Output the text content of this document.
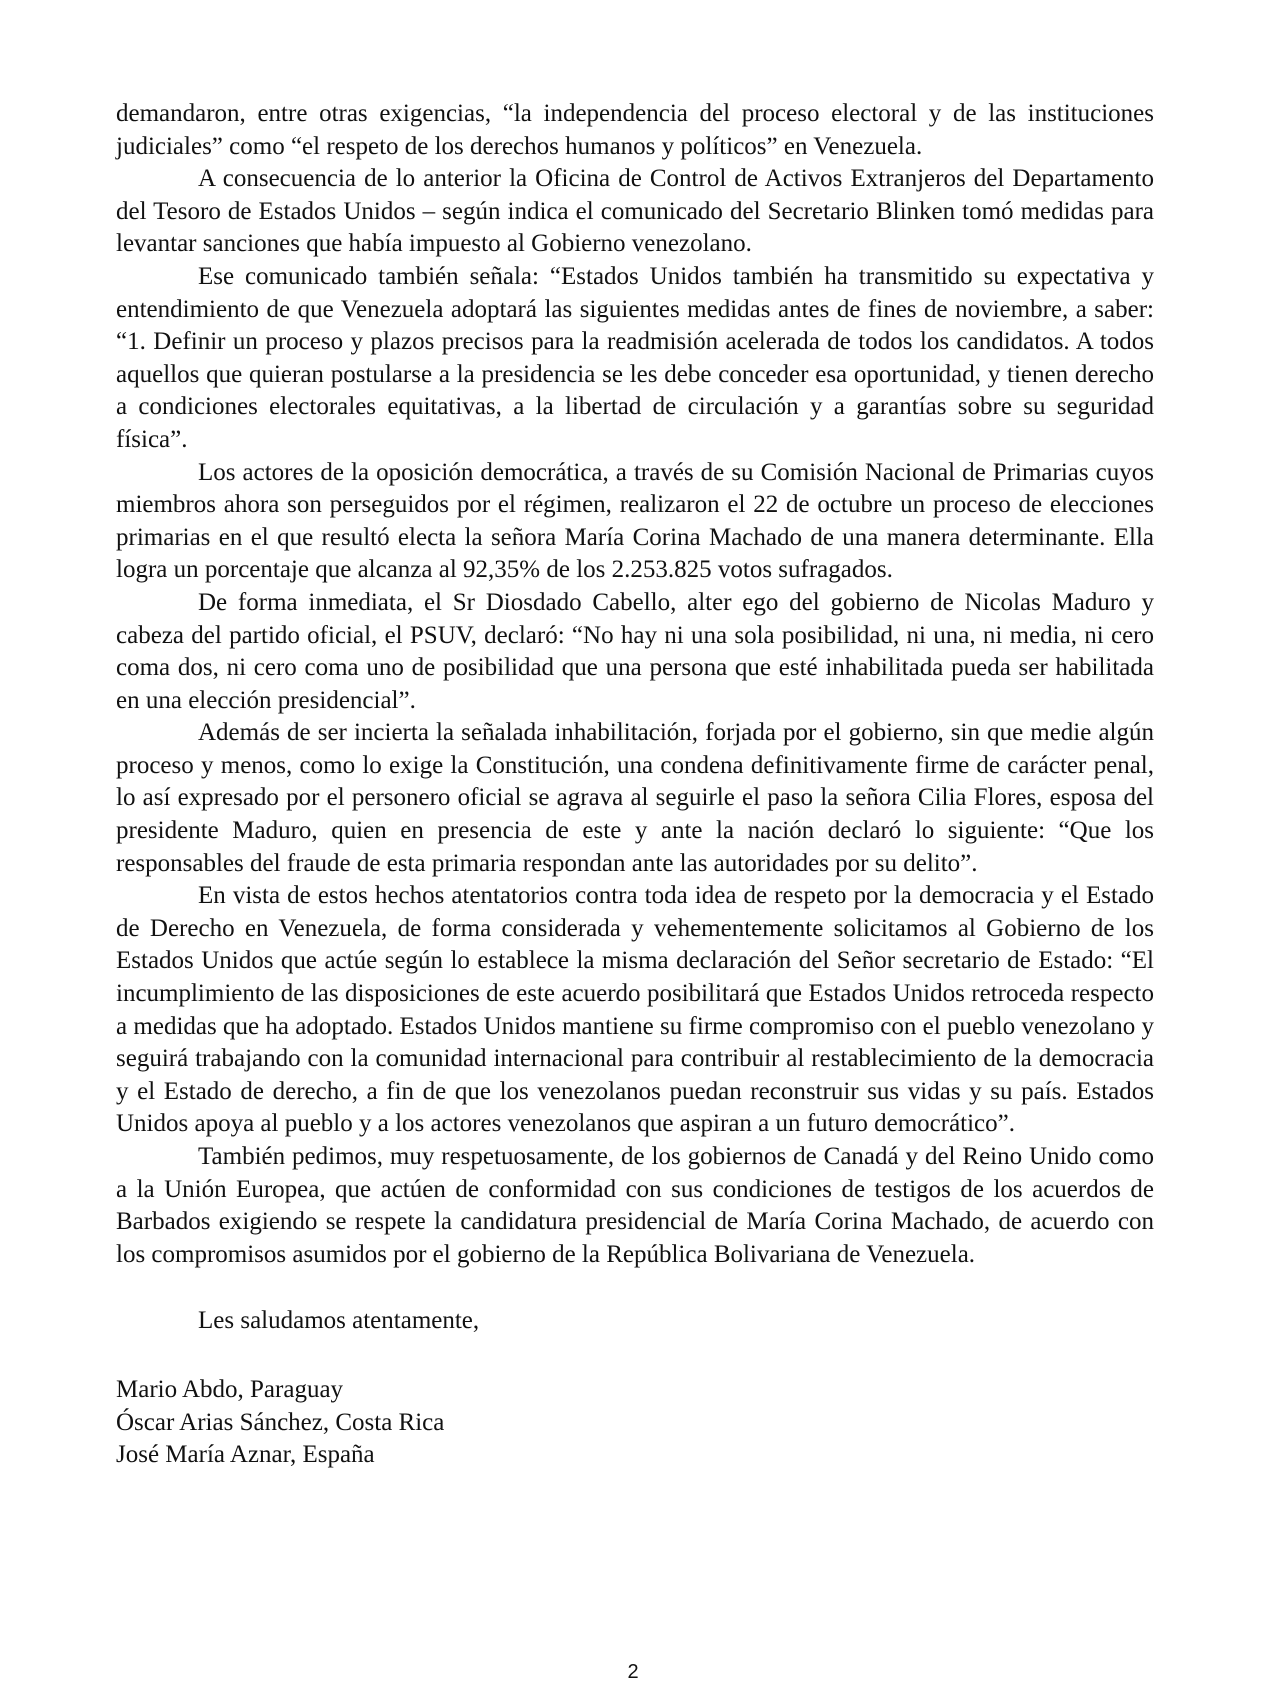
demandaron, entre otras exigencias, “la independencia del proceso electoral y de las instituciones judiciales” como “el respeto de los derechos humanos y políticos” en Venezuela.

A consecuencia de lo anterior la Oficina de Control de Activos Extranjeros del Departamento del Tesoro de Estados Unidos – según indica el comunicado del Secretario Blinken tomó medidas para levantar sanciones que había impuesto al Gobierno venezolano.

Ese comunicado también señala: “Estados Unidos también ha transmitido su expectativa y entendimiento de que Venezuela adoptará las siguientes medidas antes de fines de noviembre, a saber: “1. Definir un proceso y plazos precisos para la readmisión acelerada de todos los candidatos. A todos aquellos que quieran postularse a la presidencia se les debe conceder esa oportunidad, y tienen derecho a condiciones electorales equitativas, a la libertad de circulación y a garantías sobre su seguridad física”.

Los actores de la oposición democrática, a través de su Comisión Nacional de Primarias cuyos miembros ahora son perseguidos por el régimen, realizaron el 22 de octubre un proceso de elecciones primarias en el que resultó electa la señora María Corina Machado de una manera determinante. Ella logra un porcentaje que alcanza al 92,35% de los 2.253.825 votos sufragados.

De forma inmediata, el Sr Diosdado Cabello, alter ego del gobierno de Nicolas Maduro y cabeza del partido oficial, el PSUV, declaró: “No hay ni una sola posibilidad, ni una, ni media, ni cero coma dos, ni cero coma uno de posibilidad que una persona que esté inhabilitada pueda ser habilitada en una elección presidencial”.

Además de ser incierta la señalada inhabilitación, forjada por el gobierno, sin que medie algún proceso y menos, como lo exige la Constitución, una condena definitivamente firme de carácter penal, lo así expresado por el personero oficial se agrava al seguirle el paso la señora Cilia Flores, esposa del presidente Maduro, quien en presencia de este y ante la nación declaró lo siguiente: “Que los responsables del fraude de esta primaria respondan ante las autoridades por su delito”.

En vista de estos hechos atentatorios contra toda idea de respeto por la democracia y el Estado de Derecho en Venezuela, de forma considerada y vehementemente solicitamos al Gobierno de los Estados Unidos que actúe según lo establece la misma declaración del Señor secretario de Estado: “El incumplimiento de las disposiciones de este acuerdo posibilitará que Estados Unidos retroceda respecto a medidas que ha adoptado. Estados Unidos mantiene su firme compromiso con el pueblo venezolano y seguirá trabajando con la comunidad internacional para contribuir al restablecimiento de la democracia y el Estado de derecho, a fin de que los venezolanos puedan reconstruir sus vidas y su país. Estados Unidos apoya al pueblo y a los actores venezolanos que aspiran a un futuro democrático”.

También pedimos, muy respetuosamente, de los gobiernos de Canadá y del Reino Unido como a la Unión Europea, que actúen de conformidad con sus condiciones de testigos de los acuerdos de Barbados exigiendo se respete la candidatura presidencial de María Corina Machado, de acuerdo con los compromisos asumidos por el gobierno de la República Bolivariana de Venezuela.

Les saludamos atentamente,

Mario Abdo, Paraguay
Óscar Arias Sánchez, Costa Rica
José María Aznar, España
2
